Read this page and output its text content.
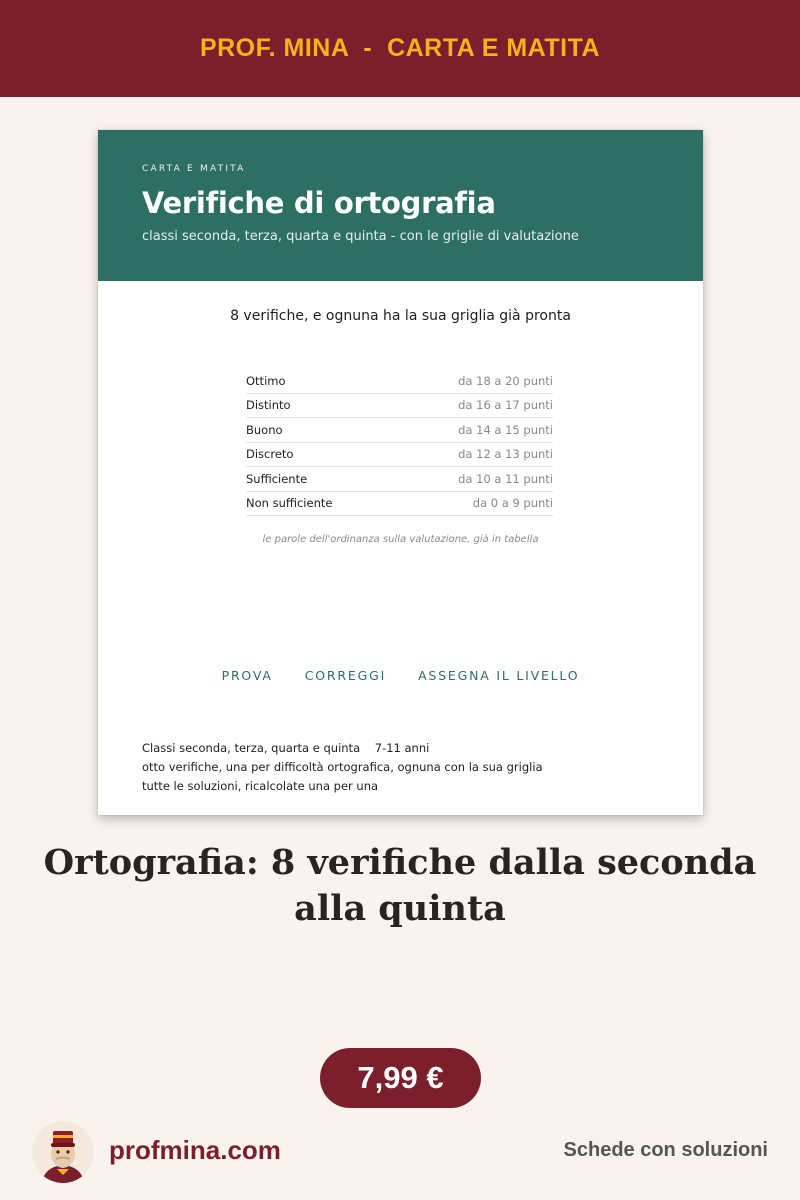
PROF. MINA  -  CARTA E MATITA
CARTA E MATITA
Verifiche di ortografia
classi seconda, terza, quarta e quinta - con le griglie di valutazione
8 verifiche, e ognuna ha la sua griglia già pronta
Ottimo	da 18 a 20 punti
Distinto	da 16 a 17 punti
Buono	da 14 a 15 punti
Discreto	da 12 a 13 punti
Sufficiente	da 10 a 11 punti
Non sufficiente	da 0 a 9 punti
le parole dell'ordinanza sulla valutazione, già in tabella
PROVA	CORREGGI	ASSEGNA IL LIVELLO
Classi seconda, terza, quarta e quinta    7-11 anni
otto verifiche, una per difficoltà ortografica, ognuna con la sua griglia
tutte le soluzioni, ricalcolate una per una
Ortografia: 8 verifiche dalla seconda
alla quinta
7,99 €
profmina.com	Schede con soluzioni
